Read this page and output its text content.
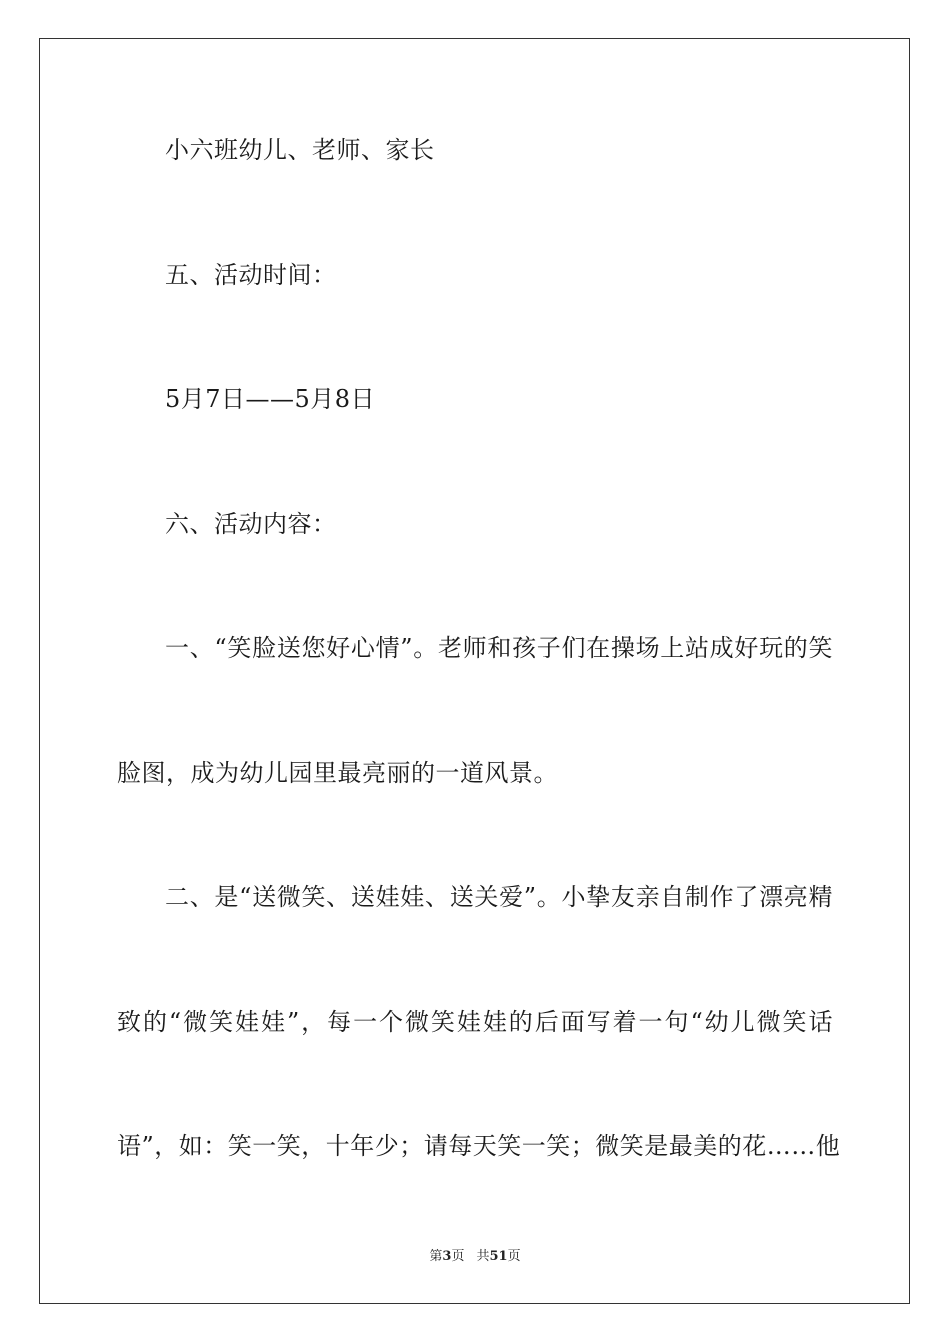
小六班幼儿、老师、家长
五、活动时间：
5月7日——5月8日
六、活动内容：
一、“笑脸送您好心情”。老师和孩子们在操场上站成好玩的笑
脸图，成为幼儿园里最亮丽的一道风景。
二、是“送微笑、送娃娃、送关爱”。小挚友亲自制作了漂亮精
致的“微笑娃娃”，每一个微笑娃娃的后面写着一句“幼儿微笑话
语”，如：笑一笑，十年少；请每天笑一笑；微笑是最美的花……他
第3页 共51页
